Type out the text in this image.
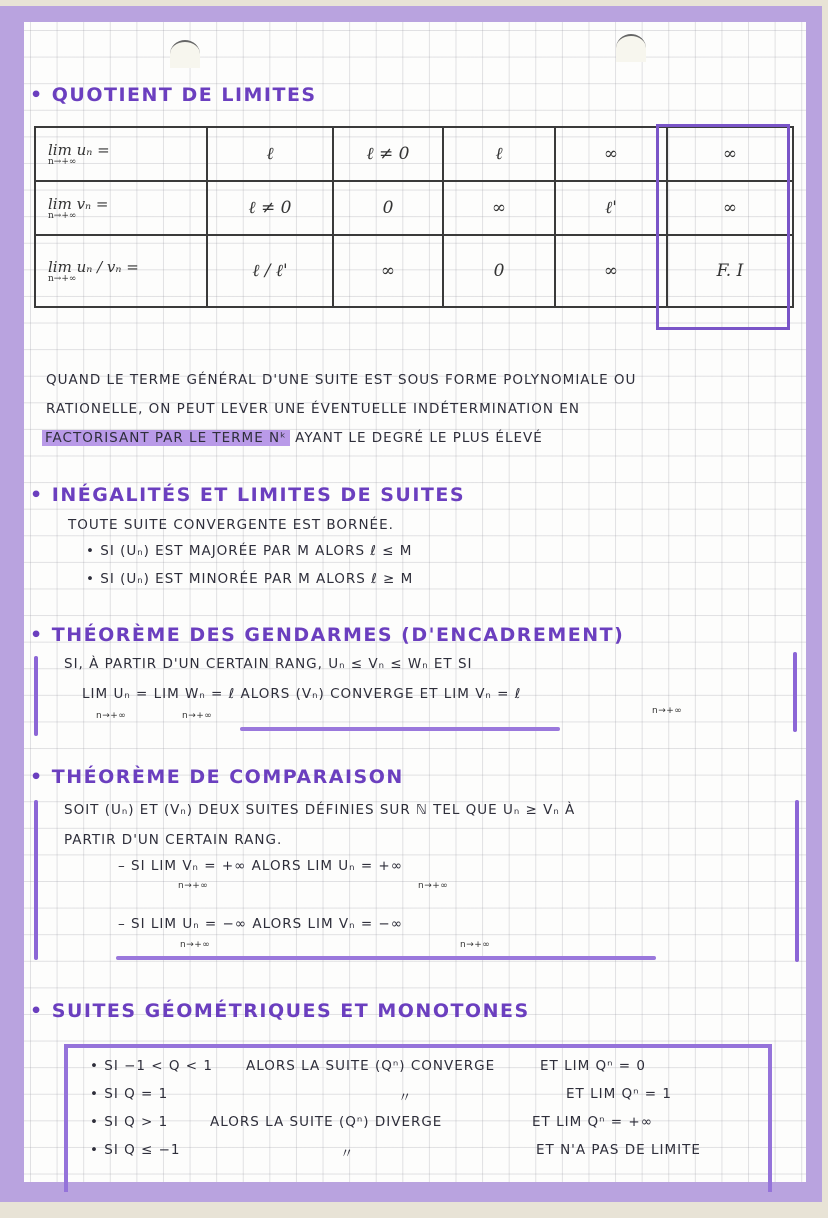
• QUOTIENT DE LIMITES
lim uₙ =
n→+∞	ℓ	ℓ ≠ 0	ℓ	∞	∞
lim vₙ =
n→+∞	ℓ ≠ 0	0	∞	ℓ'	∞
lim uₙ / vₙ =
n→+∞	ℓ / ℓ'	∞	0	∞	F. I
QUAND LE TERME GÉNÉRAL D'UNE SUITE EST SOUS FORME POLYNOMIALE OU
RATIONELLE, ON PEUT LEVER UNE ÉVENTUELLE INDÉTERMINATION EN
FACTORISANT PAR LE TERME Nᵏ AYANT LE DEGRÉ LE PLUS ÉLEVÉ
• INÉGALITÉS ET LIMITES DE SUITES
TOUTE SUITE CONVERGENTE EST BORNÉE.
• SI (Uₙ) EST MAJORÉE PAR M ALORS ℓ ≤ M
• SI (Uₙ) EST MINORÉE PAR M ALORS ℓ ≥ M
• THÉORÈME DES GENDARMES (D'ENCADREMENT)
SI, À PARTIR D'UN CERTAIN RANG, Uₙ ≤ Vₙ ≤ Wₙ ET SI
LIM Uₙ = LIM Wₙ = ℓ ALORS (Vₙ) CONVERGE ET LIM Vₙ = ℓ
n→+∞	n→+∞	n→+∞
• THÉORÈME DE COMPARAISON
SOIT (Uₙ) ET (Vₙ) DEUX SUITES DÉFINIES SUR ℕ TEL QUE Uₙ ≥ Vₙ À
PARTIR D'UN CERTAIN RANG.
– SI LIM Vₙ = +∞ ALORS LIM Uₙ = +∞
n→+∞	n→+∞
– SI LIM Uₙ = −∞ ALORS LIM Vₙ = −∞
n→+∞	n→+∞
• SUITES GÉOMÉTRIQUES ET MONOTONES
• SI −1 < Q < 1 ALORS LA SUITE (Qⁿ) CONVERGE	ET LIM Qⁿ = 0
• SI Q = 1	〃	ET LIM Qⁿ = 1
• SI Q > 1	ALORS LA SUITE (Qⁿ) DIVERGE	ET LIM Qⁿ = +∞
• SI Q ≤ −1	〃	ET N'A PAS DE LIMITE
